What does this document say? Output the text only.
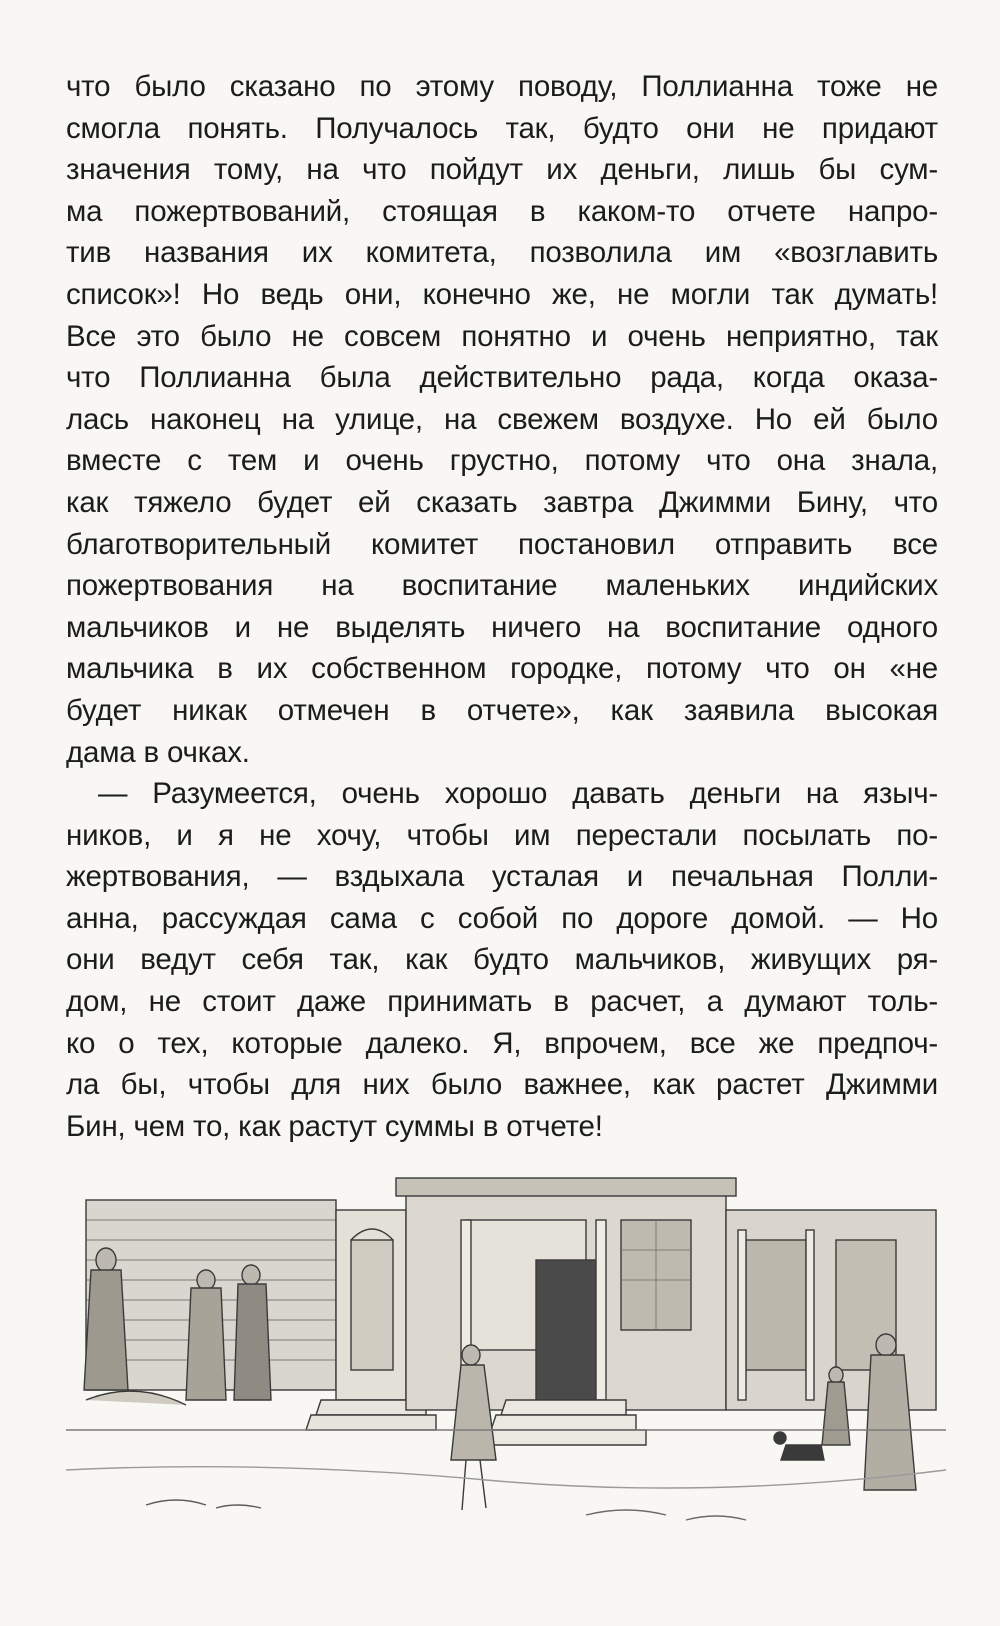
что было сказано по этому поводу, Поллианна тоже не
смогла понять. Получалось так, будто они не придают
значения тому, на что пойдут их деньги, лишь бы сум-
ма пожертвований, стоящая в каком-то отчете напро-
тив названия их комитета, позволила им «возглавить
список»! Но ведь они, конечно же, не могли так думать!
Все это было не совсем понятно и очень неприятно, так
что Поллианна была действительно рада, когда оказа-
лась наконец на улице, на свежем воздухе. Но ей было
вместе с тем и очень грустно, потому что она знала,
как тяжело будет ей сказать завтра Джимми Бину, что
благотворительный комитет постановил отправить все
пожертвования на воспитание маленьких индийских
мальчиков и не выделять ничего на воспитание одного
мальчика в их собственном городке, потому что он «не
будет никак отмечен в отчете», как заявила высокая
дама в очках.

— Разумеется, очень хорошо давать деньги на языч-
ников, и я не хочу, чтобы им перестали посылать по-
жертвования, — вздыхала усталая и печальная Полли-
анна, рассуждая сама с собой по дороге домой. — Но
они ведут себя так, как будто мальчиков, живущих ря-
дом, не стоит даже принимать в расчет, а думают толь-
ко о тех, которые далеко. Я, впрочем, все же предпоч-
ла бы, чтобы для них было важнее, как растет Джимми
Бин, чем то, как растут суммы в отчете!
